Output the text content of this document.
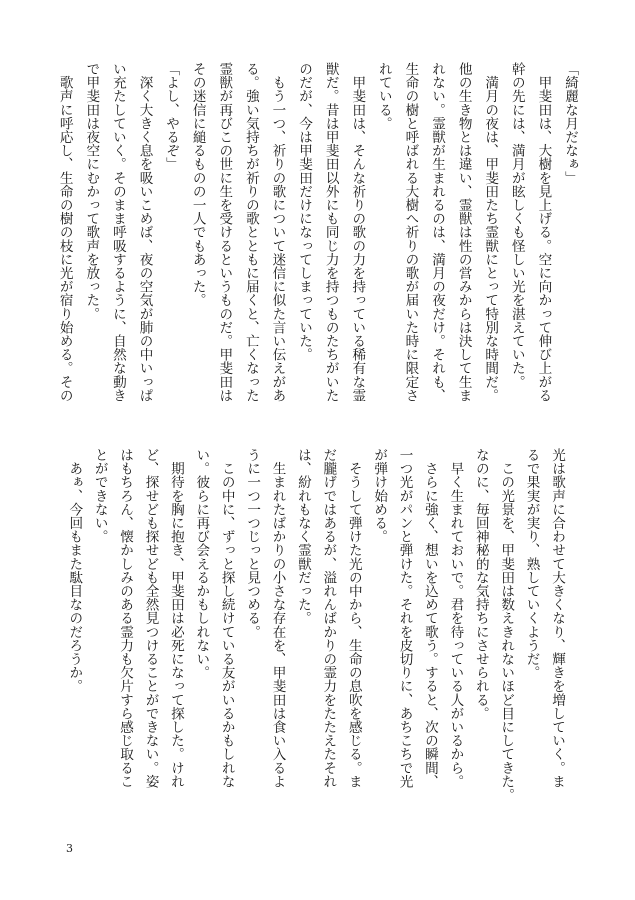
「綺麗な月だなぁ」
　甲斐田は、大樹を見上げる。空に向かって伸び上がる
幹の先には、満月が眩しくも怪しい光を湛えていた。
　満月の夜は、甲斐田たち霊獣にとって特別な時間だ。
他の生き物とは違い、霊獣は性の営みからは決して生ま
れない。霊獣が生まれるのは、満月の夜だけ。それも、
生命の樹と呼ばれる大樹へ祈りの歌が届いた時に限定さ
れている。
　甲斐田は、そんな祈りの歌の力を持っている稀有な霊
獣だ。昔は甲斐田以外にも同じ力を持つものたちがいた
のだが、今は甲斐田だけになってしまっていた。
　もう一つ、祈りの歌について迷信に似た言い伝えがあ
る。強い気持ちが祈りの歌とともに届くと、亡くなった
霊獣が再びこの世に生を受けるというものだ。甲斐田は
その迷信に縋るものの一人でもあった。
「よし、やるぞ」
　深く大きく息を吸いこめば、夜の空気が肺の中いっぱ
い充たしていく。そのまま呼吸するように、自然な動き
で甲斐田は夜空にむかって歌声を放った。
　歌声に呼応し、生命の樹の枝に光が宿り始める。その
光は歌声に合わせて大きくなり、輝きを増していく。ま
るで果実が実り、熟していくようだ。
　この光景を、甲斐田は数えきれないほど目にしてきた。
なのに、毎回神秘的な気持ちにさせられる。
　早く生まれておいで。君を待っている人がいるから。
　さらに強く、想いを込めて歌う。すると、次の瞬間、
一つ光がパンと弾けた。それを皮切りに、あちこちで光
が弾け始める。
　そうして弾けた光の中から、生命の息吹を感じる。ま
だ朧げではあるが、溢れんばかりの霊力をたたえたそれ
は、紛れもなく霊獣だった。
　生まれたばかりの小さな存在を、甲斐田は食い入るよ
うに一つ一つじっと見つめる。
　この中に、ずっと探し続けている友がいるかもしれな
い。彼らに再び会えるかもしれない。
　期待を胸に抱き、甲斐田は必死になって探した。けれ
ど、探せども探せども全然見つけることができない。姿
はもちろん、懐かしみのある霊力も欠片すら感じ取るこ
とができない。
　あぁ、今回もまた駄目なのだろうか。
3
